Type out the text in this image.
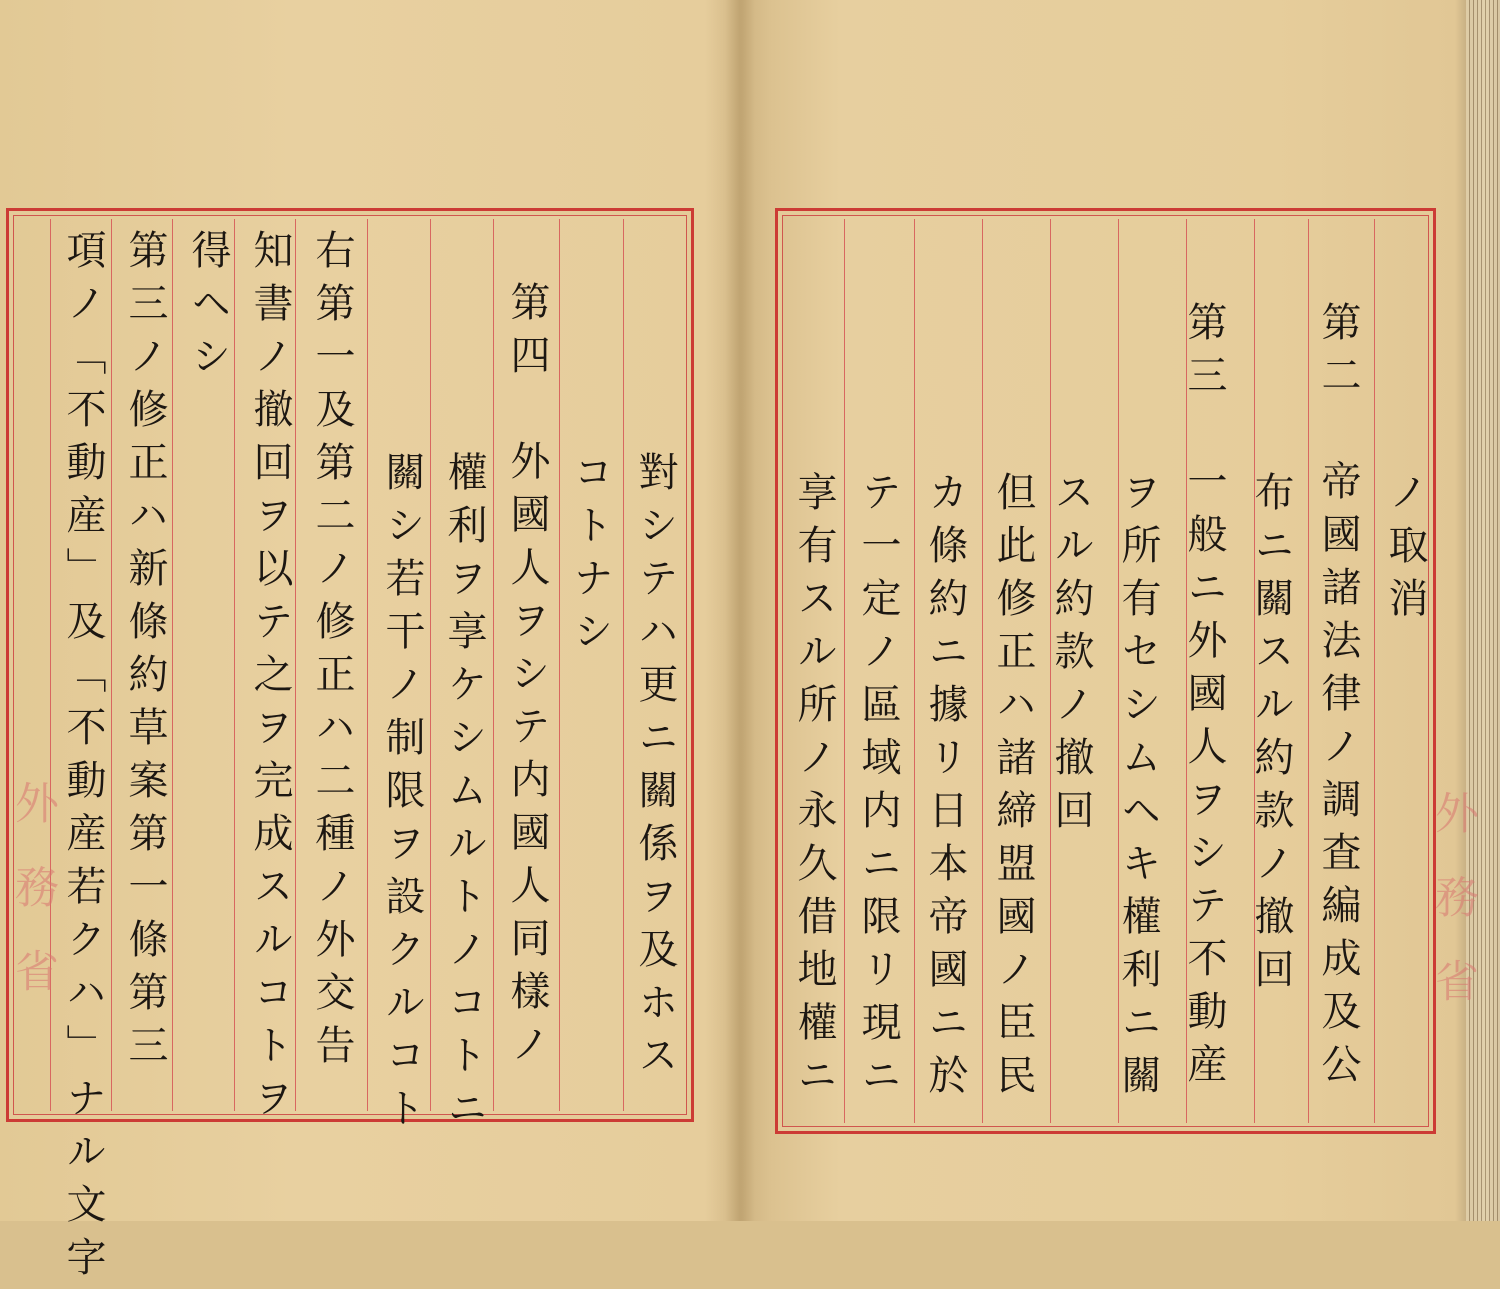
對シテハ更ニ關係ヲ及ホス
コトナシ
第四　外國人ヲシテ内國人同樣ノ
權利ヲ享ケシムルトノコトニ
關シ若干ノ制限ヲ設クルコト
右第一及第二ノ修正ハ二種ノ外交告
知書ノ撤回ヲ以テ之ヲ完成スルコトヲ
得ヘシ
第三ノ修正ハ新條約草案第一條第三
項ノ「不動産」及「不動産若クハ」ナル文字
外務省
ノ取消
第二　帝國諸法律ノ調査編成及公
布ニ關スル約款ノ撤回
第三　一般ニ外國人ヲシテ不動産
ヲ所有セシムヘキ權利ニ關
スル約款ノ撤回
但此修正ハ諸締盟國ノ臣民
カ條約ニ據リ日本帝國ニ於
テ一定ノ區域内ニ限リ現ニ
享有スル所ノ永久借地權ニ	外務省
